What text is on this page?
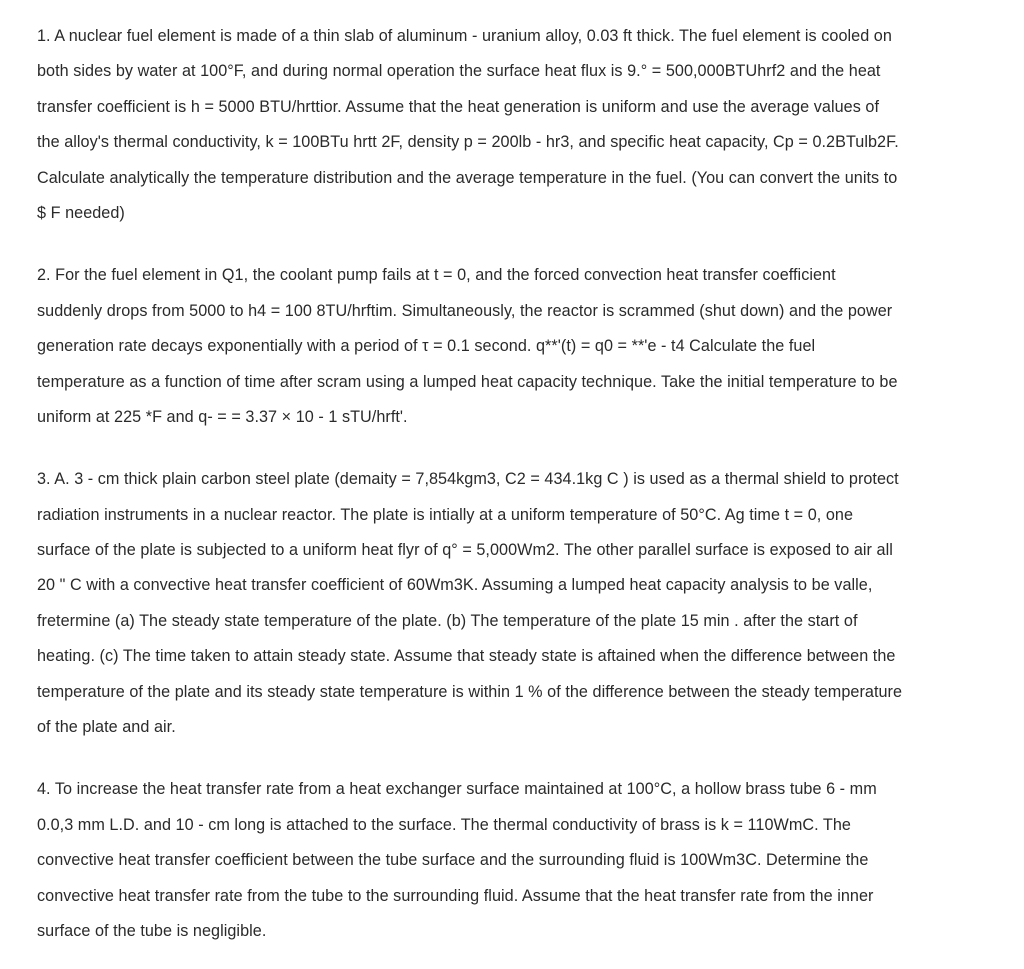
1. A nuclear fuel element is made of a thin slab of aluminum - uranium alloy, 0.03 ft thick. The fuel element is cooled on
both sides by water at 100°F, and during normal operation the surface heat flux is 9.° = 500,000BTUhrf2 and the heat
transfer coefficient is h = 5000 BTU/hrttior. Assume that the heat generation is uniform and use the average values of
the alloy's thermal conductivity, k = 100BTu hrtt 2F, density p = 200lb - hr3, and specific heat capacity, Cp = 0.2BTulb2F.
Calculate analytically the temperature distribution and the average temperature in the fuel. (You can convert the units to
$ F needed)
2. For the fuel element in Q1, the coolant pump fails at t = 0, and the forced convection heat transfer coefficient
suddenly drops from 5000 to h4 = 100 8TU/hrftim. Simultaneously, the reactor is scrammed (shut down) and the power
generation rate decays exponentially with a period of τ = 0.1 second. q**'(t) = q0 = **'e - t4 Calculate the fuel
temperature as a function of time after scram using a lumped heat capacity technique. Take the initial temperature to be
uniform at 225 *F and q- = = 3.37 × 10 - 1 sTU/hrft'.
3. A. 3 - cm thick plain carbon steel plate (demaity = 7,854kgm3, C2 = 434.1kg C ) is used as a thermal shield to protect
radiation instruments in a nuclear reactor. The plate is intially at a uniform temperature of 50°C. Ag time t = 0, one
surface of the plate is subjected to a uniform heat flyr of q° = 5,000Wm2. The other parallel surface is exposed to air all
20 " C with a convective heat transfer coefficient of 60Wm3K. Assuming a lumped heat capacity analysis to be valle,
fretermine (a) The steady state temperature of the plate. (b) The temperature of the plate 15 min . after the start of
heating. (c) The time taken to attain steady state. Assume that steady state is aftained when the difference between the
temperature of the plate and its steady state temperature is within 1 % of the difference between the steady temperature
of the plate and air.
4. To increase the heat transfer rate from a heat exchanger surface maintained at 100°C, a hollow brass tube 6 - mm
0.0,3 mm L.D. and 10 - cm long is attached to the surface. The thermal conductivity of brass is k = 110WmC. The
convective heat transfer coefficient between the tube surface and the surrounding fluid is 100Wm3C. Determine the
convective heat transfer rate from the tube to the surrounding fluid. Assume that the heat transfer rate from the inner
surface of the tube is negligible.
